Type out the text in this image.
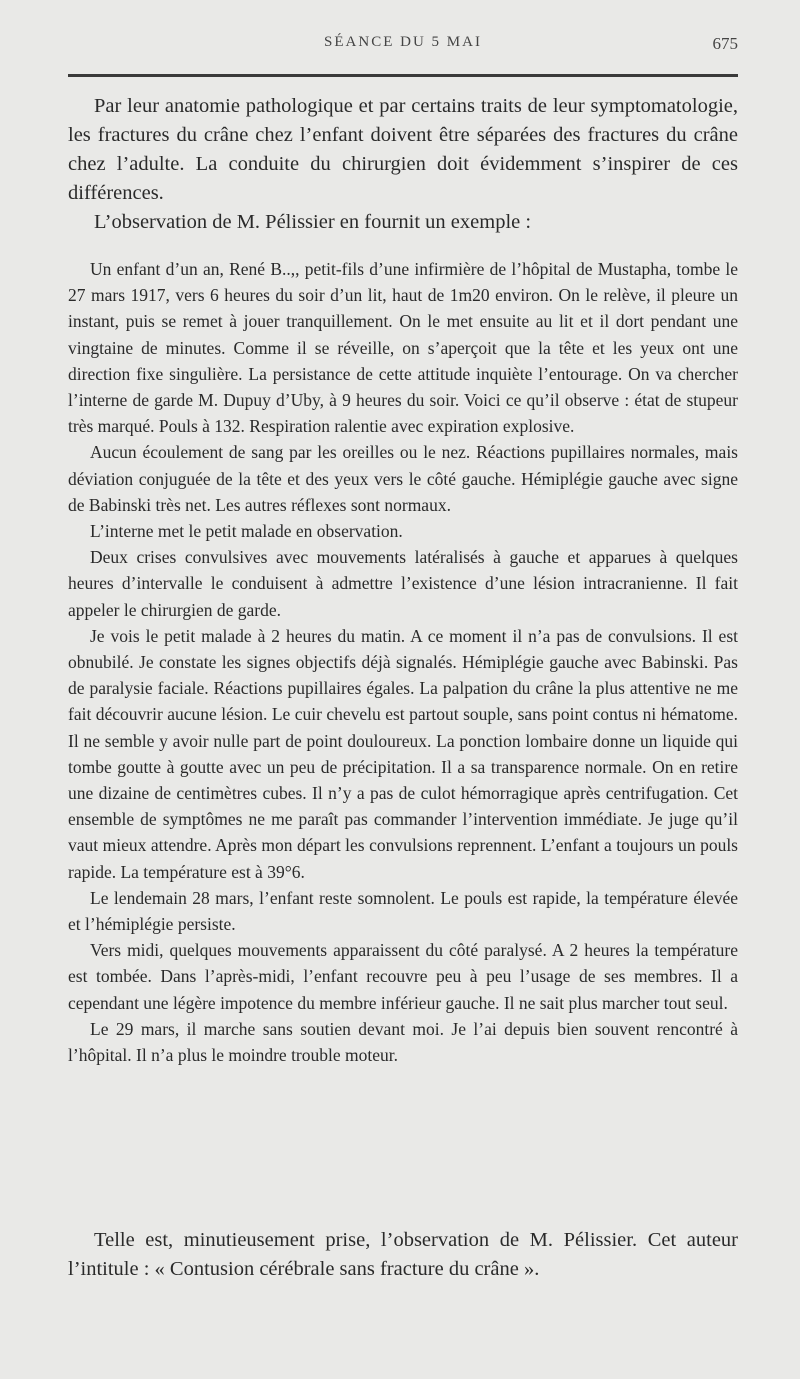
SÉANCE DU 5 MAI	675

Par leur anatomie pathologique et par certains traits de leur symptomatologie, les fractures du crâne chez l’enfant doivent être séparées des fractures du crâne chez l’adulte. La conduite du chirurgien doit évidemment s’inspirer de ces différences.

L’observation de M. Pélissier en fournit un exemple :

Un enfant d’un an, René B..,, petit-fils d’une infirmière de l’hôpital de Mustapha, tombe le 27 mars 1917, vers 6 heures du soir d’un lit, haut de 1m20 environ. On le relève, il pleure un instant, puis se remet à jouer tranquillement. On le met ensuite au lit et il dort pendant une vingtaine de minutes. Comme il se réveille, on s’aperçoit que la tête et les yeux ont une direction fixe singulière. La persistance de cette attitude inquiète l’entourage. On va chercher l’interne de garde M. Dupuy d’Uby, à 9 heures du soir. Voici ce qu’il observe : état de stupeur très marqué. Pouls à 132. Respiration ralentie avec expiration explosive.

Aucun écoulement de sang par les oreilles ou le nez. Réactions pupillaires normales, mais déviation conjuguée de la tête et des yeux vers le côté gauche. Hémiplégie gauche avec signe de Babinski très net. Les autres réflexes sont normaux.

L’interne met le petit malade en observation.

Deux crises convulsives avec mouvements latéralisés à gauche et apparues à quelques heures d’intervalle le conduisent à admettre l’existence d’une lésion intracranienne. Il fait appeler le chirurgien de garde.

Je vois le petit malade à 2 heures du matin. A ce moment il n’a pas de convulsions. Il est obnubilé. Je constate les signes objectifs déjà signalés. Hémiplégie gauche avec Babinski. Pas de paralysie faciale. Réactions pupillaires égales. La palpation du crâne la plus attentive ne me fait découvrir aucune lésion. Le cuir chevelu est partout souple, sans point contus ni hématome. Il ne semble y avoir nulle part de point douloureux. La ponction lombaire donne un liquide qui tombe goutte à goutte avec un peu de précipitation. Il a sa transparence normale. On en retire une dizaine de centimètres cubes. Il n’y a pas de culot hémorragique après centrifugation. Cet ensemble de symptômes ne me paraît pas commander l’intervention immédiate. Je juge qu’il vaut mieux attendre. Après mon départ les convulsions reprennent. L’enfant a toujours un pouls rapide. La température est à 39°6.

Le lendemain 28 mars, l’enfant reste somnolent. Le pouls est rapide, la température élevée et l’hémiplégie persiste.

Vers midi, quelques mouvements apparaissent du côté paralysé. A 2 heures la température est tombée. Dans l’après-midi, l’enfant recouvre peu à peu l’usage de ses membres. Il a cependant une légère impotence du membre inférieur gauche. Il ne sait plus marcher tout seul.

Le 29 mars, il marche sans soutien devant moi. Je l’ai depuis bien souvent rencontré à l’hôpital. Il n’a plus le moindre trouble moteur.

Telle est, minutieusement prise, l’observation de M. Pélissier. Cet auteur l’intitule : « Contusion cérébrale sans fracture du crâne ».
